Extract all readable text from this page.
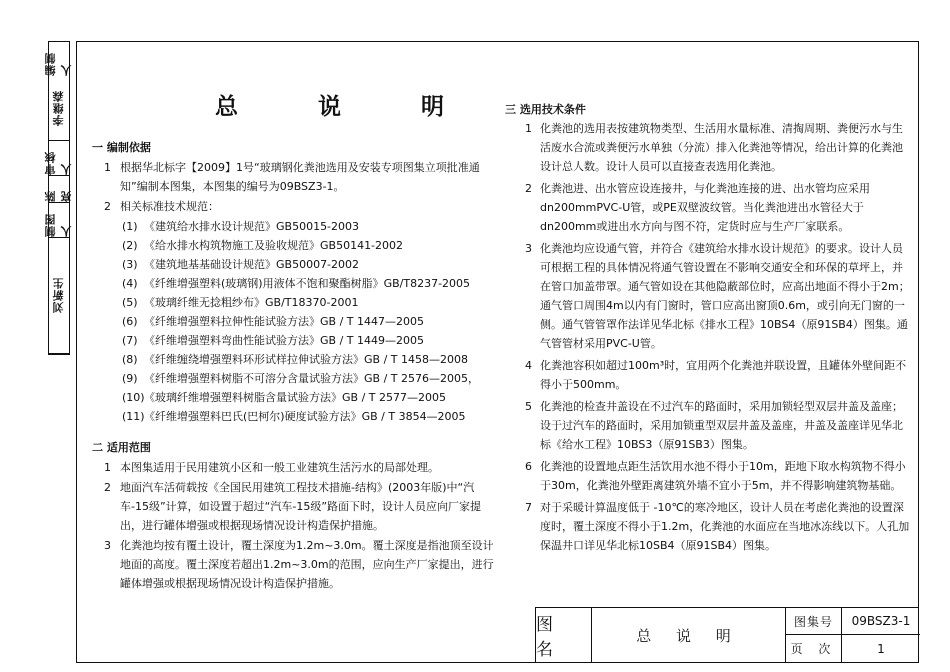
编制人
李继森
审核人
陈 亮
制图人
刘新生
总 说 明
一 编制依据
1 根据华北标字【2009】1号“玻璃钢化粪池选用及安装专项图集立项批准通知”编制本图集，本图集的编号为09BSZ3-1。
2 相关标准技术规范：
(1) 《建筑给水排水设计规范》GB50015-2003
(2) 《给水排水构筑物施工及验收规范》GB50141-2002
(3) 《建筑地基基础设计规范》GB50007-2002
(4) 《纤维增强塑料(玻璃钢)用液体不饱和聚酯树脂》GB/T8237-2005
(5) 《玻璃纤维无捻粗纱布》GB/T18370-2001
(6) 《纤维增强塑料拉伸性能试验方法》GB / T 1447—2005
(7) 《纤维增强塑料弯曲性能试验方法》GB / T 1449—2005
(8) 《纤维缠绕增强塑料环形试样拉伸试验方法》GB / T 1458—2008
(9) 《纤维增强塑料树脂不可溶分含量试验方法》GB / T 2576—2005，
(10) 《玻璃纤维增强塑料树脂含量试验方法》GB / T 2577—2005
(11) 《纤维增强塑料巴氏(巴柯尔)硬度试验方法》GB / T 3854—2005
二 适用范围
1 本图集适用于民用建筑小区和一般工业建筑生活污水的局部处理。
2 地面汽车活荷载按《全国民用建筑工程技术措施-结构》(2003年版)中“汽车-15级”计算，如设置于超过“汽车-15级”路面下时，设计人员应向厂家提出，进行罐体增强或根据现场情况设计构造保护措施。
3 化粪池均按有覆土设计，覆土深度为1.2m~3.0m。覆土深度是指池顶至设计地面的高度。覆土深度若超出1.2m~3.0m的范围，应向生产厂家提出，进行罐体增强或根据现场情况设计构造保护措施。
三 选用技术条件
1 化粪池的选用表按建筑物类型、生活用水量标准、清掏周期、粪便污水与生活废水合流或粪便污水单独（分流）排入化粪池等情况，给出计算的化粪池设计总人数。设计人员可以直接查表选用化粪池。
2 化粪池进、出水管应设连接井，与化粪池连接的进、出水管均应采用dn200mmPVC-U管，或PE双壁波纹管。当化粪池进出水管径大于dn200mm或进出水方向与图不符，定货时应与生产厂家联系。
3 化粪池均应设通气管，并符合《建筑给水排水设计规范》的要求。设计人员可根据工程的具体情况将通气管设置在不影响交通安全和环保的草坪上，并在管口加盖带罩。通气管如设在其他隐蔽部位时，应高出地面不得小于2m；通气管口周围4m以内有门窗时，管口应高出窗顶0.6m，或引向无门窗的一侧。通气管管罩作法详见华北标《排水工程》10BS4（原91SB4）图集。通气管管材采用PVC-U管。
4 化粪池容积如超过100m³时，宜用两个化粪池并联设置，且罐体外壁间距不得小于500mm。
5 化粪池的检查井盖设在不过汽车的路面时，采用加锁轻型双层井盖及盖座；设于过汽车的路面时，采用加锁重型双层井盖及盖座，井盖及盖座详见华北标《给水工程》10BS3（原91SB3）图集。
6 化粪池的设置地点距生活饮用水池不得小于10m，距地下取水构筑物不得小于30m，化粪池外壁距离建筑外墙不宜小于5m，并不得影响建筑物基础。
7 对于采暖计算温度低于 -10℃的寒冷地区，设计人员在考虑化粪池的设置深度时，覆土深度不得小于1.2m，化粪池的水面应在当地冰冻线以下。人孔加保温井口详见华北标10SB4（原91SB4）图集。
图 名
总 说 明
图集号	09BSZ3-1
页 次	1
